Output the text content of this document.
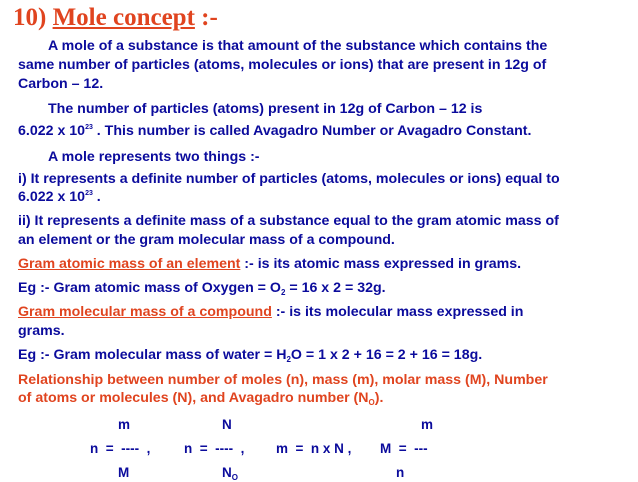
10) Mole concept :-
A mole of a substance is that amount of the substance which contains the
same number of particles (atoms, molecules or ions) that are present in 12g of
Carbon – 12.
The number of particles (atoms) present in 12g of Carbon – 12 is
6.022 x $10^{23}$ . This number is called Avagadro Number or Avagadro Constant.
A mole represents two things :-
i) It represents a definite number of particles (atoms, molecules or ions) equal to
6.022 x $10^{23}$ .
ii) It represents a definite mass of a substance equal to the gram atomic mass of
an element or the gram molecular mass of a compound.
Gram atomic mass of an element :- is its atomic mass expressed in grams.
Eg :- Gram atomic mass of Oxygen = $O_2 = 16$ x 2 = 32g.
Gram molecular mass of a compound :- is its molecular mass expressed in
grams.
Eg :- Gram molecular mass of water = $H_2O = 1$ x 2 + 16 = 2 + 16 = 18g.
Relationship between number of moles (n), mass (m), molar mass (M), Number
of atoms or molecules (N), and Avagadro number $(N_O)$.
m	N	m
n  =  ----  , n  =  ----  , m  =  n x N , M  =  ---
M	$N_O$	n
